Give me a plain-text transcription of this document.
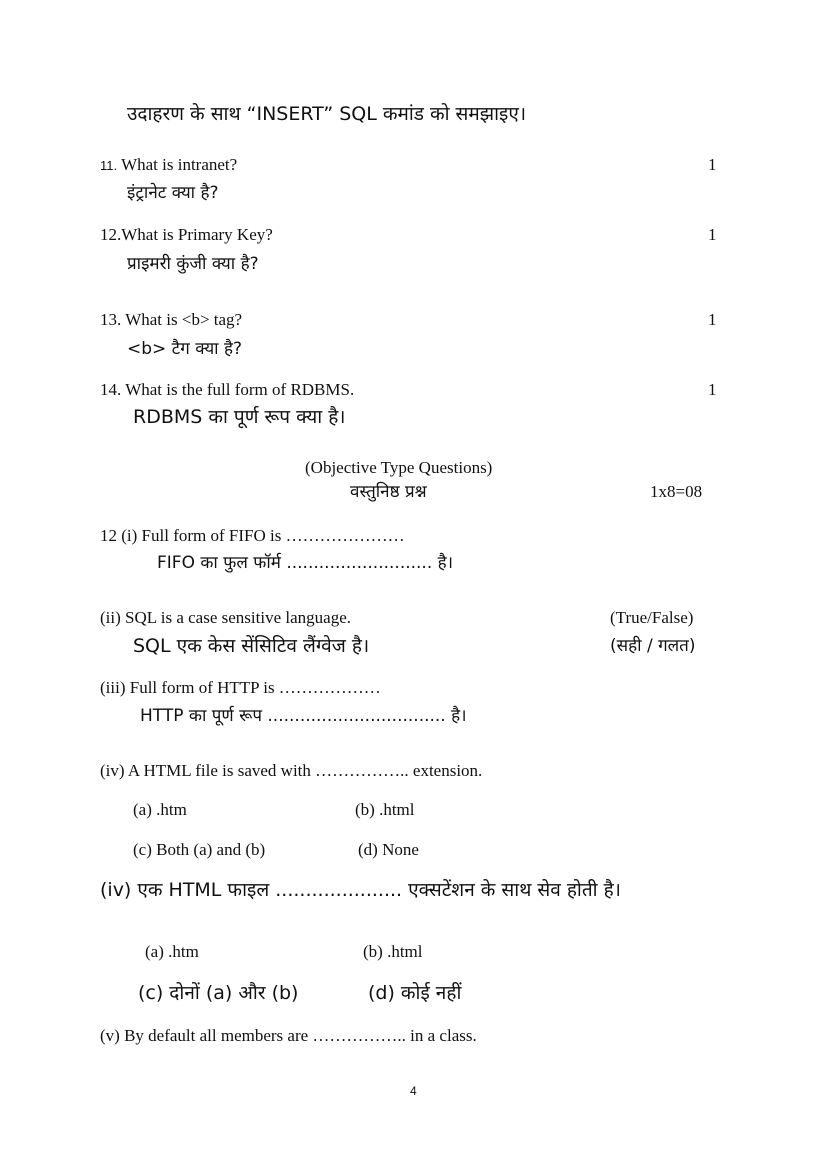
उदाहरण के साथ “INSERT” SQL कमांड को समझाइए।
11. What is intranet?	1
इंट्रानेट क्या है?
12.What is Primary Key?	1
प्राइमरी कुंजी क्या है?
13. What is <b> tag?	1
<b> टैग क्या है?
14. What is the full form of RDBMS.	1
RDBMS का पूर्ण रूप क्या है।
(Objective Type Questions)
वस्तुनिष्ठ प्रश्न	1x8=08
12 (i) Full form of FIFO is …………………
FIFO का फुल फॉर्म ........................... है।
(ii) SQL is a case sensitive language.	(True/False)
SQL एक केस सेंसिटिव लैंग्वेज है।	(सही / गलत)
(iii) Full form of HTTP is ………………
HTTP का पूर्ण रूप ................................. है।
(iv) A HTML file is saved with …………….. extension.
(a) .htm	(b) .html
(c) Both (a) and (b)	(d) None
(iv) एक HTML फाइल ..................... एक्सटेंशन के साथ सेव होती है।
(a) .htm	(b) .html
(c) दोनों (a) और (b)	(d) कोई नहीं
(v) By default all members are …………….. in a class.
4
